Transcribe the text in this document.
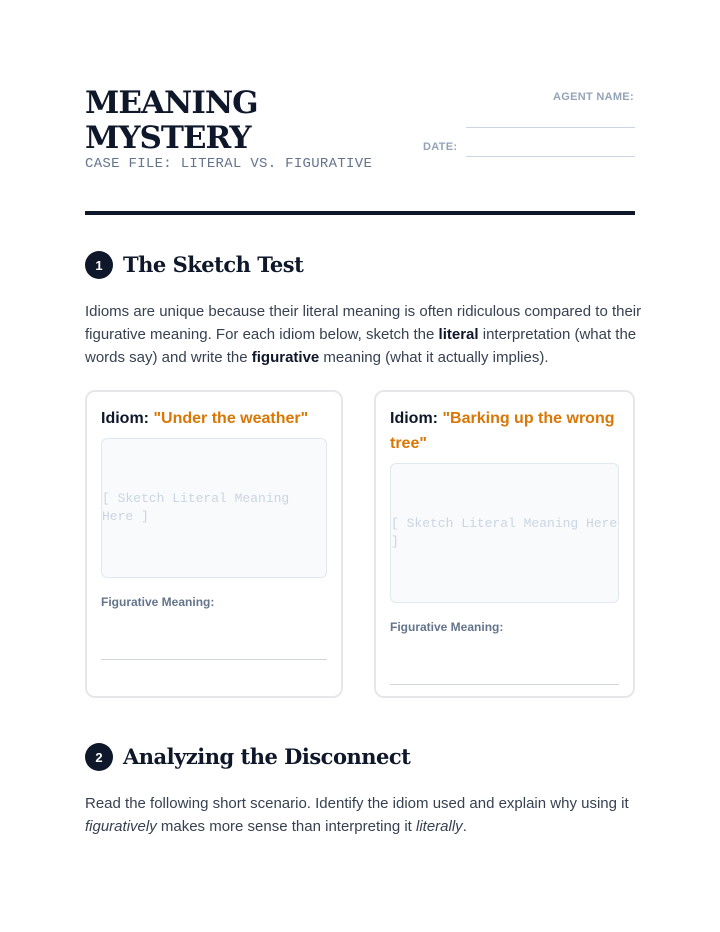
MEANING
MYSTERY
CASE FILE: LITERAL VS. FIGURATIVE
AGENT NAME:
DATE:
1 The Sketch Test
Idioms are unique because their literal meaning is often ridiculous compared to their figurative meaning. For each idiom below, sketch the literal interpretation (what the words say) and write the figurative meaning (what it actually implies).
Idiom: "Under the weather"
[ Sketch Literal Meaning Here ]
Figurative Meaning:
Idiom: "Barking up the wrong tree"
[ Sketch Literal Meaning Here ]
Figurative Meaning:
2 Analyzing the Disconnect
Read the following short scenario. Identify the idiom used and explain why using it figuratively makes more sense than interpreting it literally.
